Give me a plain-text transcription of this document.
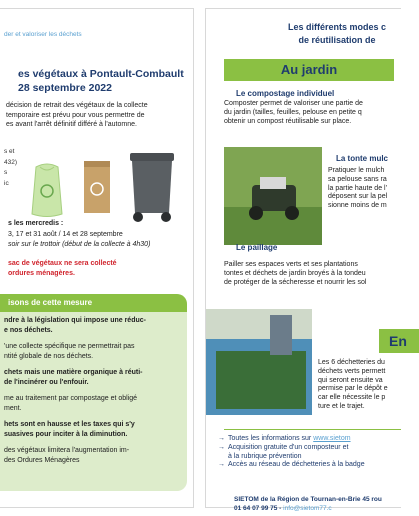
der et valoriser les déchets
es végétaux à Pontault-Combault
28 septembre 2022
décision de retrait des végétaux de la collecte
temporaire est prévu pour vous permettre de
es avant l'arrêt définitif différé à l'automne.
s et
432)
s
ic
s les mercredis :
3, 17 et 31 août / 14 et 28 septembre
soir sur le trottoir (début de la collecte à 4h30)
sac de végétaux ne sera collecté
ordures ménagères.
isons de cette mesure
ndre à la législation qui impose une réduc-
e nos déchets.
'une collecte spécifique ne permettrait pas
ntité globale de nos déchets.
chets mais une matière organique à réuti-
de l'incinérer ou l'enfouir.
me au traitement par compostage et obligé
ment.
hets sont en hausse et les taxes qui s'y
suasives pour inciter à la diminution.
des végétaux limitera l'augmentation im-
des Ordures Ménagères
Les différents modes c
de réutilisation de
Au jardin
Le compostage individuel
Composter permet de valoriser une partie de
du jardin (tailles, feuilles, pelouse en petite q
obtenir un compost réutilisable sur place.
La tonte mulc
Pratiquer le mulch
sa pelouse sans ra
la partie haute de l'
déposent sur la pel
sionne moins de m
Le paillage
Pailler ses espaces verts et ses plantations
tontes et déchets de jardin broyés à la tondeu
de protéger de la sécheresse et nourrir les sol
En
Les 6 déchetteries du
déchets verts permett
qui seront ensuite va
permise par le dépôt e
car elle nécessite le p
ture et le trajet.
→ Toutes les informations sur www.sietom
→ Acquisition gratuite d'un composteur et
à la rubrique prévention
→ Accès au réseau de déchetteries à la badge
SIETOM de la Région de Tournan-en-Brie 45 rou
01 64 07 99 75 - info@sietom77.c
